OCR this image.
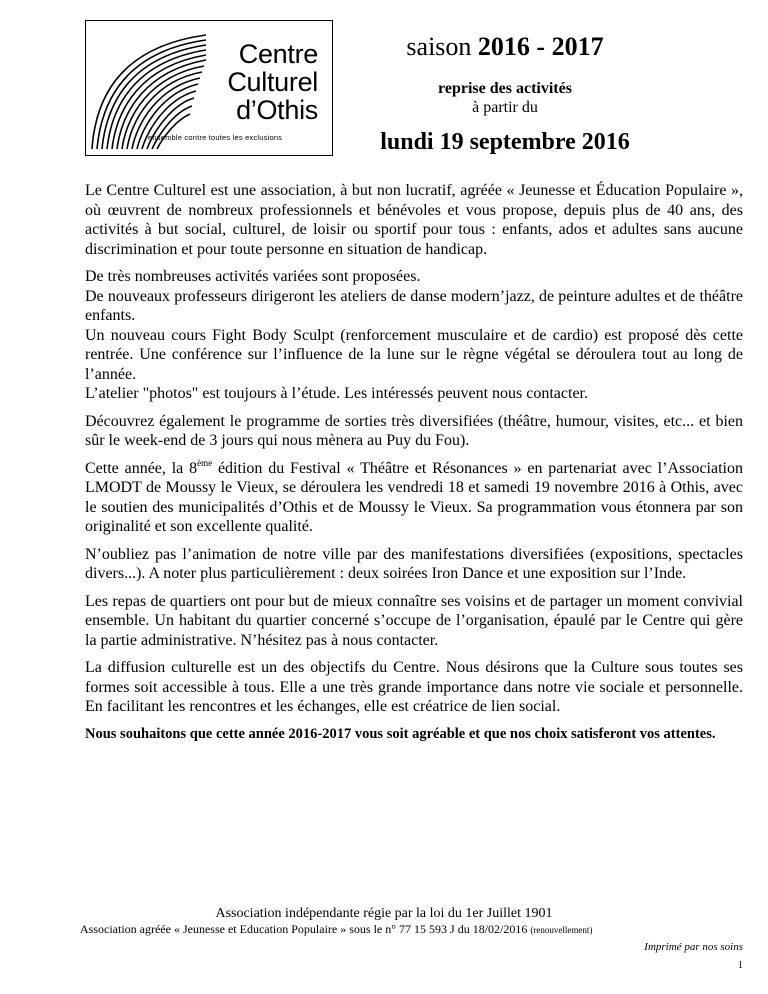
Centre
Culturel
d’Othis
ensemble contre toutes les exclusions
saison 2016 - 2017
reprise des activités
à partir du
lundi 19 septembre 2016

Le Centre Culturel est une association, à but non lucratif, agréée « Jeunesse et Éducation Populaire », où œuvrent de nombreux professionnels et bénévoles et vous propose, depuis plus de 40 ans, des activités à but social, culturel, de loisir ou sportif pour tous : enfants, ados et adultes sans aucune discrimination et pour toute personne en situation de handicap.

De très nombreuses activités variées sont proposées.
De nouveaux professeurs dirigeront les ateliers de danse modern’jazz, de peinture adultes et de théâtre enfants.
Un nouveau cours Fight Body Sculpt (renforcement musculaire et de cardio) est proposé dès cette rentrée. Une conférence sur l’influence de la lune sur le règne végétal se déroulera tout au long de l’année.
L’atelier "photos" est toujours à l’étude. Les intéressés peuvent nous contacter.

Découvrez également le programme de sorties très diversifiées (théâtre, humour, visites, etc... et bien sûr le week-end de 3 jours qui nous mènera au Puy du Fou).

Cette année, la 8ème édition du Festival « Théâtre et Résonances » en partenariat avec l’Association LMODT de Moussy le Vieux, se déroulera les vendredi 18 et samedi 19 novembre 2016 à Othis, avec le soutien des municipalités d’Othis et de Moussy le Vieux. Sa programmation vous étonnera par son originalité et son excellente qualité.

N’oubliez pas l’animation de notre ville par des manifestations diversifiées (expositions, spectacles divers...). A noter plus particulièrement : deux soirées Iron Dance et une exposition sur l’Inde.

Les repas de quartiers ont pour but de mieux connaître ses voisins et de partager un moment convivial ensemble. Un habitant du quartier concerné s’occupe de l’organisation, épaulé par le Centre qui gère la partie administrative. N’hésitez pas à nous contacter.

La diffusion culturelle est un des objectifs du Centre. Nous désirons que la Culture sous toutes ses formes soit accessible à tous. Elle a une très grande importance dans notre vie sociale et personnelle. En facilitant les rencontres et les échanges, elle est créatrice de lien social.

Nous souhaitons que cette année 2016-2017 vous soit agréable et que nos choix satisferont vos attentes.

Association indépendante régie par la loi du 1er Juillet 1901
Association agréée « Jeunesse et Education Populaire » sous le n° 77 15 593 J du 18/02/2016 (renouvellement)
Imprimé par nos soins
1
